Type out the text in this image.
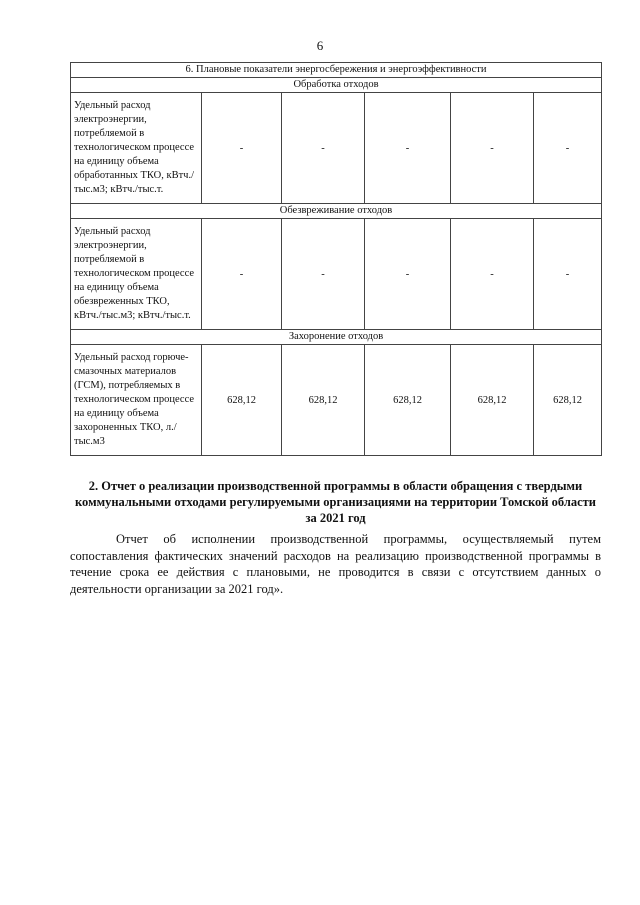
6
6. Плановые показатели энергосбережения и энергоэффективности					
Обработка отходов					
Удельный расход электроэнергии, потребляемой в технологическом процессе на единицу объема обработанных ТКО, кВтч./тыс.м3; кВтч./тыс.т.	-	-	-	-	-
Обезвреживание отходов					
Удельный расход электроэнергии, потребляемой в технологическом процессе на единицу объема обезвреженных ТКО, кВтч./тыс.м3; кВтч./тыс.т.	-	-	-	-	-
Захоронение отходов					
Удельный расход горюче-смазочных материалов (ГСМ), потребляемых в технологическом процессе на единицу объема захороненных ТКО, л./тыс.м3	628,12	628,12	628,12	628,12	628,12
2. Отчет о реализации производственной программы в области обращения с твердыми коммунальными отходами регулируемыми организациями на территории Томской области за 2021 год

Отчет об исполнении производственной программы, осуществляемый путем сопоставления фактических значений расходов на реализацию производственной программы в течение срока ее действия с плановыми, не проводится в связи с отсутствием данных о деятельности организации за 2021 год».
